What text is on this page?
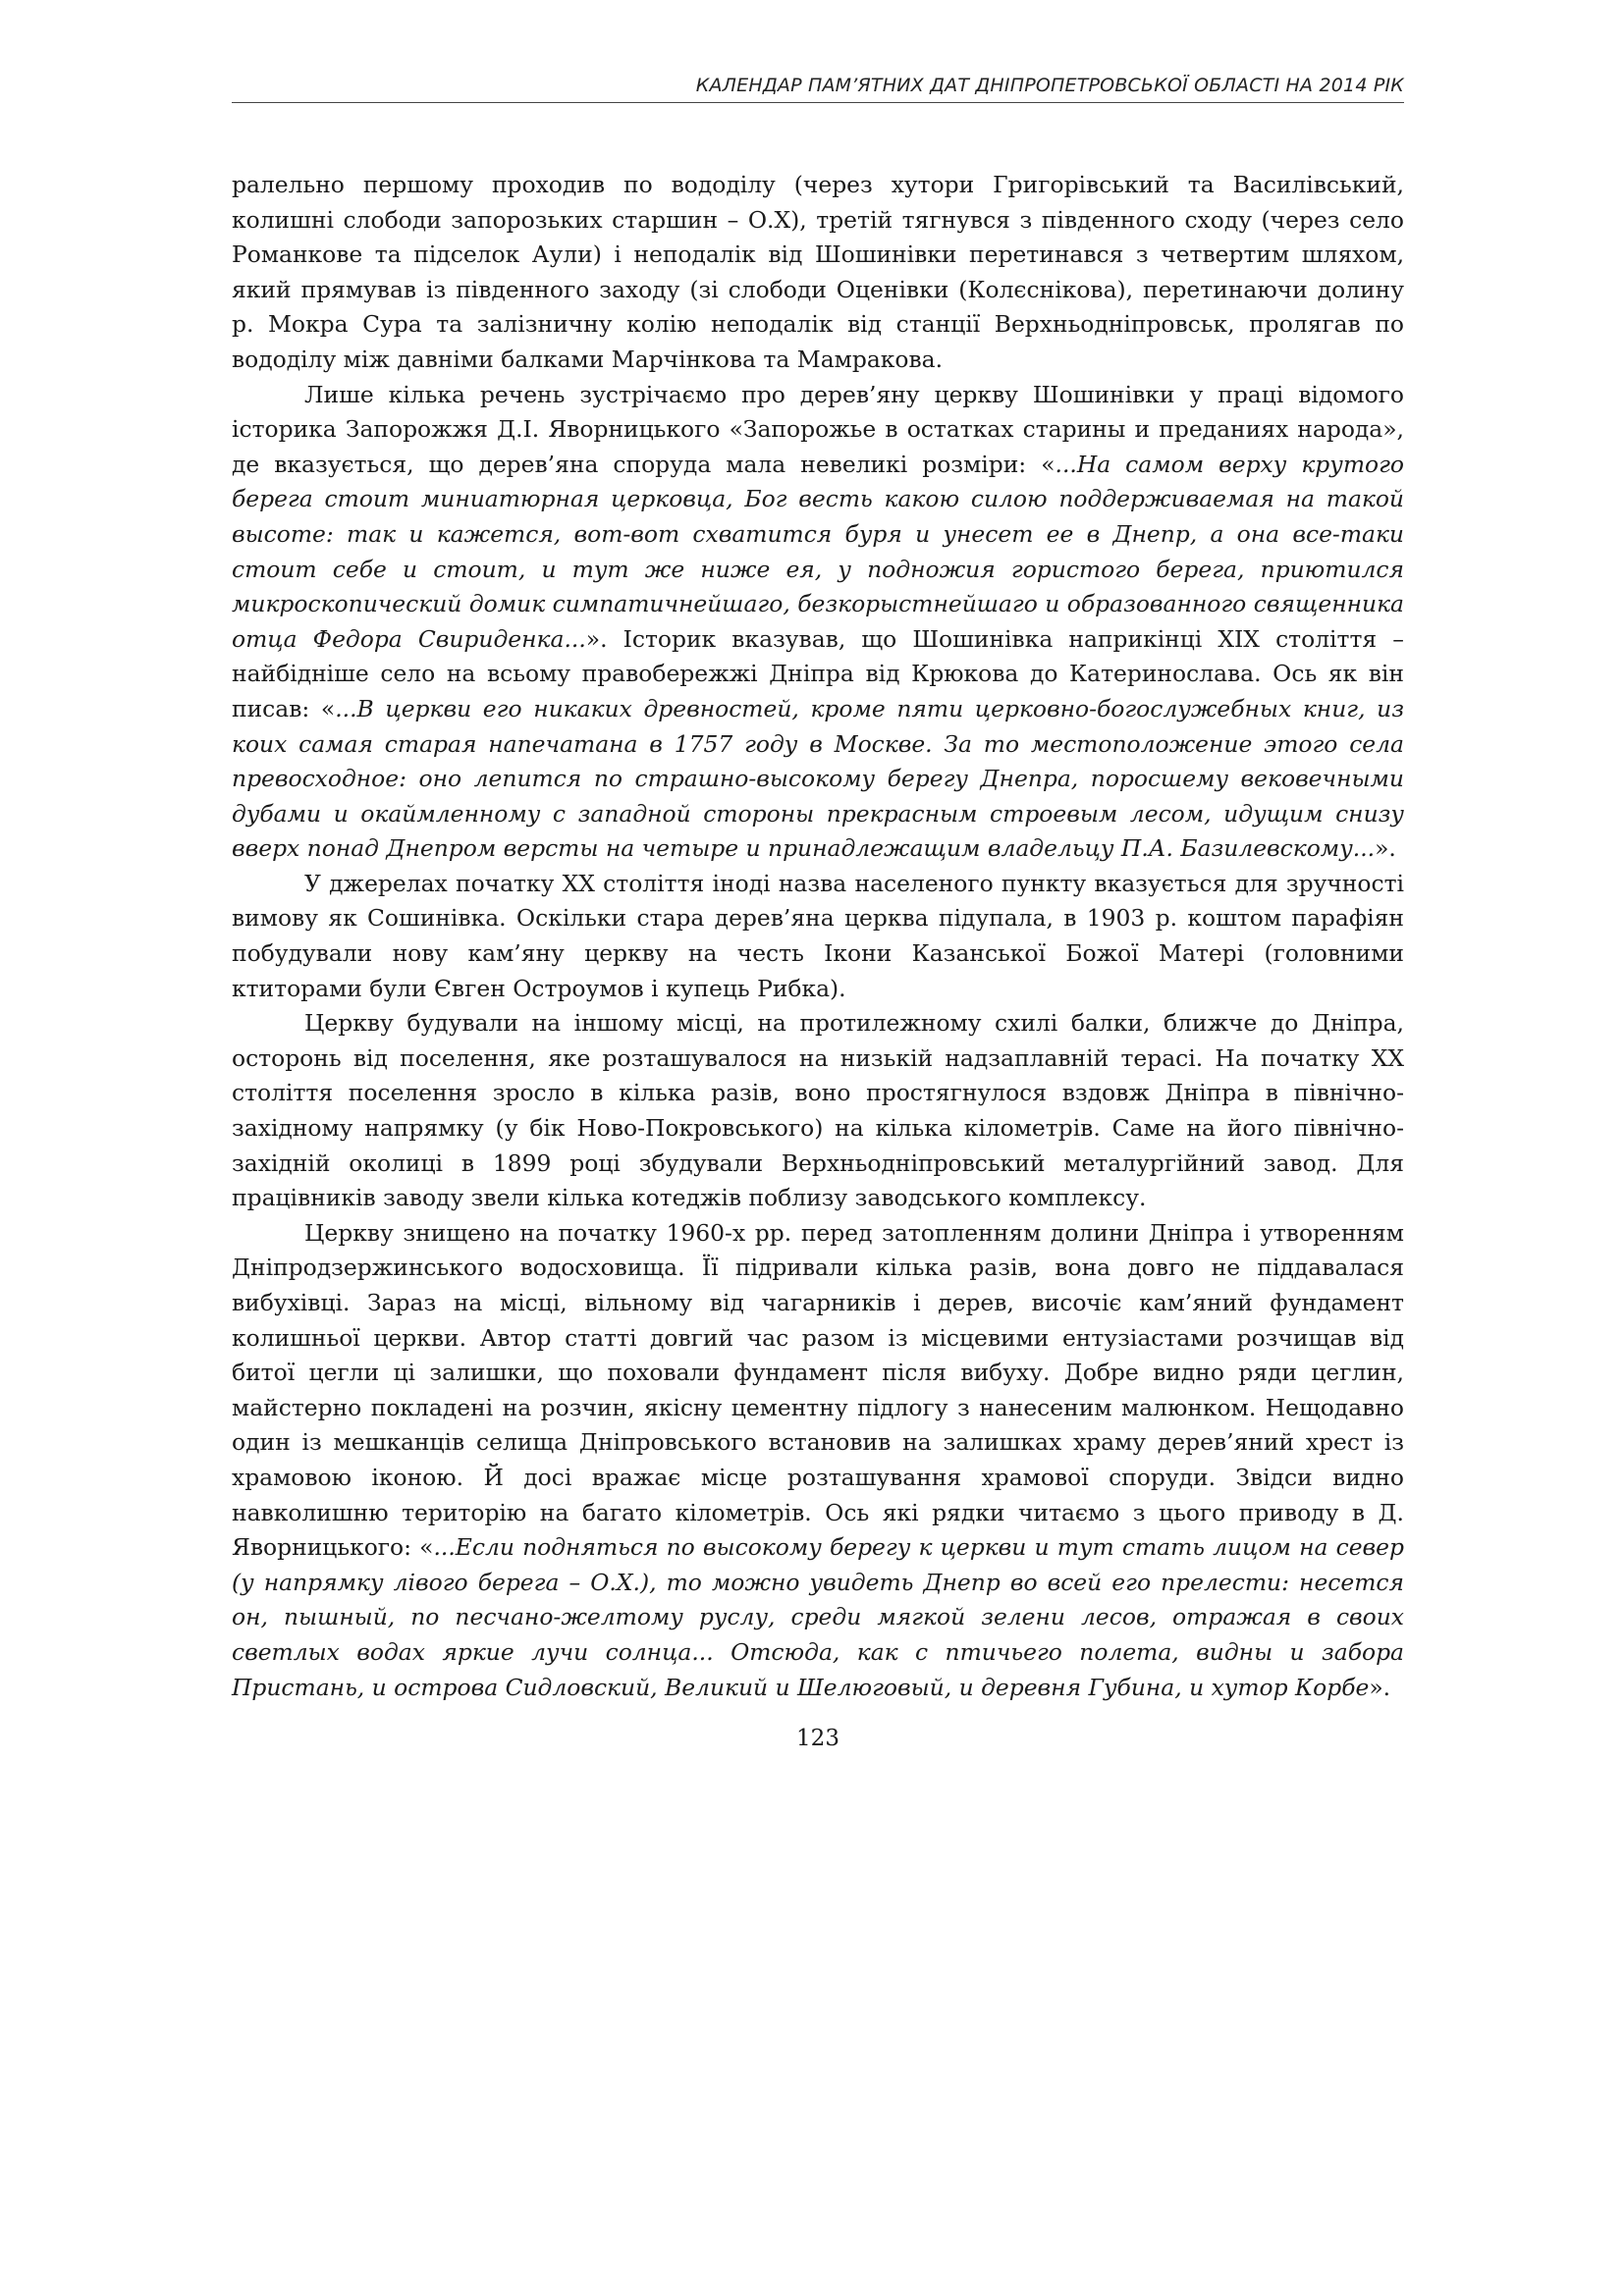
КАЛЕНДАР ПАМ’ЯТНИХ ДАТ ДНІПРОПЕТРОВСЬКОЇ ОБЛАСТІ НА 2014 РІК

ралельно першому проходив по вододілу (через хутори Григорівський та Василівський, колишні слободи запорозьких старшин – О.Х), третій тягнувся з південного сходу (через село Романкове та підселок Аули) і неподалік від Шошинівки перетинався з четвертим шляхом, який прямував із південного заходу (зі слободи Оценівки (Колєснікова), перетинаючи долину р. Мокра Сура та залізничну колію неподалік від станції Верхньодніпровськ, пролягав по вододілу між давніми балками Марчінкова та Мамракова.

Лише кілька речень зустрічаємо про дерев’яну церкву Шошинівки у праці відомого історика Запорожжя Д.І. Яворницького «Запорожье в остатках старины и преданиях народа», де вказується, що дерев’яна споруда мала невеликі розміри: «...На самом верху крутого берега стоит миниатюрная церковца, Бог весть какою силою поддерживаемая на такой высоте: так и кажется, вот-вот схватится буря и унесет ее в Днепр, а она все-таки стоит себе и стоит, и тут же ниже ея, у подножия гористого берега, приютился микроскопический домик симпатичнейшаго, безкорыстнейшаго и образованного священника отца Федора Свириденка...». Історик вказував, що Шошинівка наприкінці ХІХ століття – найбідніше село на всьому правобережжі Дніпра від Крюкова до Катеринослава. Ось як він писав: «...В церкви его никаких древностей, кроме пяти церковно-богослужебных книг, из коих самая старая напечатана в 1757 году в Москве. За то местоположение этого села превосходное: оно лепится по страшно-высокому берегу Днепра, поросшему вековечными дубами и окаймленному с западной стороны прекрасным строевым лесом, идущим снизу вверх понад Днепром версты на четыре и принадлежащим владельцу П.А. Базилевскому...».

У джерелах початку ХХ століття іноді назва населеного пункту вказується для зручності вимову як Сошинівка. Оскільки стара дерев’яна церква підупала, в 1903 р. коштом парафіян побудували нову кам’яну церкву на честь Ікони Казанської Божої Матері (головними ктиторами були Євген Остроумов і купець Рибка).

Церкву будували на іншому місці, на протилежному схилі балки, ближче до Дніпра, осторонь від поселення, яке розташувалося на низькій надзаплавній терасі. На початку ХХ століття поселення зросло в кілька разів, воно простягнулося вздовж Дніпра в північно-західному напрямку (у бік Ново-Покровського) на кілька кілометрів. Саме на його північно-західній околиці в 1899 році збудували Верхньодніпровський металургійний завод. Для працівників заводу звели кілька котеджів поблизу заводського комплексу.

Церкву знищено на початку 1960-х рр. перед затопленням долини Дніпра і утворенням Дніпродзержинського водосховища. Її підривали кілька разів, вона довго не піддавалася вибухівці. Зараз на місці, вільному від чагарників і дерев, височіє кам’яний фундамент колишньої церкви. Автор статті довгий час разом із місцевими ентузіастами розчищав від битої цегли ці залишки, що поховали фундамент після вибуху. Добре видно ряди цеглин, майстерно покладені на розчин, якісну цементну підлогу з нанесеним малюнком. Нещодавно один із мешканців селища Дніпровського встановив на залишках храму дерев’яний хрест із храмовою іконою. Й досі вражає місце розташування храмової споруди. Звідси видно навколишню територію на багато кілометрів. Ось які рядки читаємо з цього приводу в Д. Яворницького: «...Если подняться по высокому берегу к церкви и тут стать лицом на север (у напрямку лівого берега – О.Х.), то можно увидеть Днепр во всей его прелести: несется он, пышный, по песчано-желтому руслу, среди мягкой зелени лесов, отражая в своих светлых водах яркие лучи солнца... Отсюда, как с птичьего полета, видны и забора Пристань, и острова Сидловский, Великий и Шелюговый, и деревня Губина, и хутор Корбе».

123
